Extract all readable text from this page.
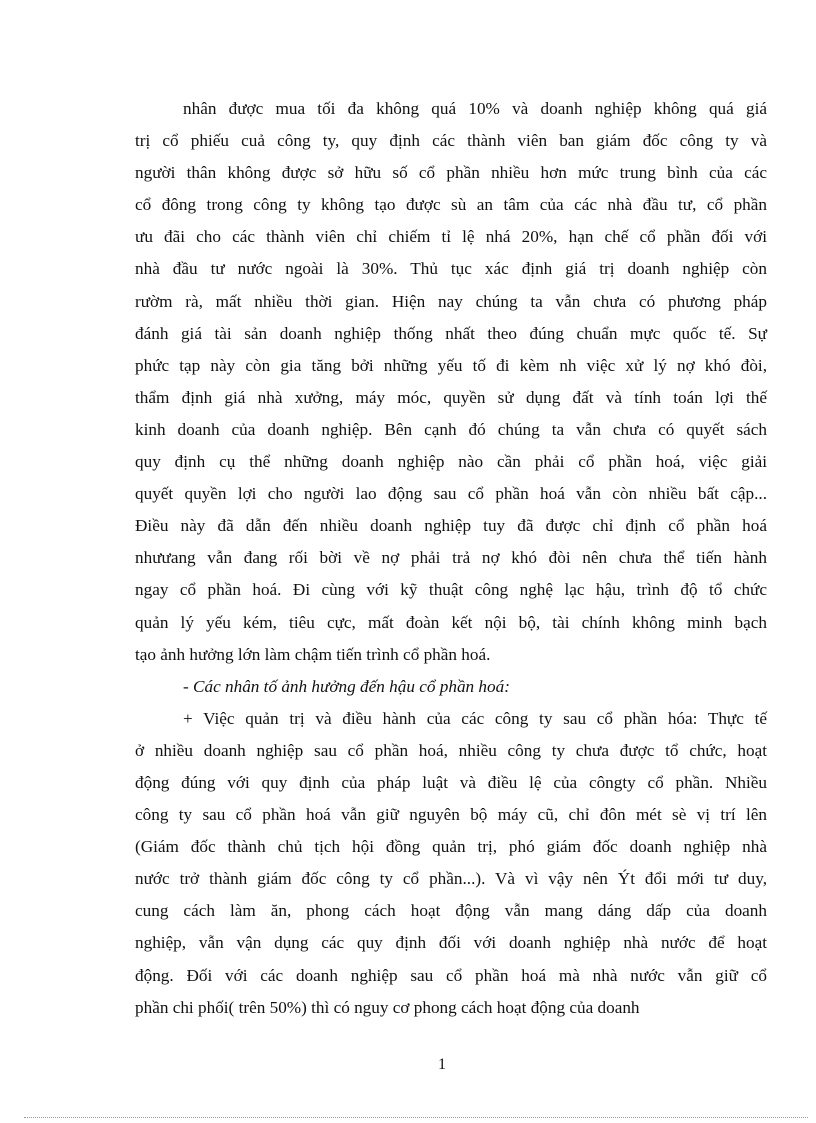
nhân được mua tối đa không quá 10% và doanh nghiệp không quá giá
trị cổ phiếu cuả công ty, quy định các thành viên ban giám đốc công ty và
người thân không được sở hữu số cổ phần nhiều hơn mức trung bình của các
cổ đông trong công ty không tạo được sù an tâm của các nhà đầu tư, cổ phần
ưu đãi cho các thành viên chỉ chiếm tỉ lệ nhá 20%, hạn chế cổ phần đối với
nhà đầu tư nước ngoài là 30%. Thủ tục xác định giá trị doanh nghiệp còn
rườm rà, mất nhiều thời gian. Hiện nay chúng ta vẫn chưa có phương pháp
đánh giá tài sản doanh nghiệp thống nhất theo đúng chuẩn mực quốc tế. Sự
phức tạp này còn gia tăng bởi những yếu tố đi kèm nh việc xử lý nợ khó đòi,
thẩm định giá nhà xưởng, máy móc, quyền sử dụng đất và tính toán lợi thế
kinh doanh của doanh nghiệp. Bên cạnh đó chúng ta vẫn chưa có quyết sách
quy định cụ thể những doanh nghiệp nào cần phải cổ phần hoá, việc giải
quyết quyền lợi cho người lao động sau cổ phần hoá vẫn còn nhiều bất cập...
Điều này đã dẫn đến nhiều doanh nghiệp tuy đã được chỉ định cổ phần hoá
nhưưang vẫn đang rối bời về nợ phải trả nợ khó đòi nên chưa thể tiến hành
ngay cổ phần hoá. Đi cùng với kỹ thuật công nghệ lạc hậu, trình độ tổ chức
quản lý yếu kém, tiêu cực, mất đoàn kết nội bộ, tài chính không minh bạch
tạo ảnh hưởng lớn làm chậm tiến trình cổ phần hoá.
- Các nhân tố ảnh hưởng đến hậu cổ phần hoá:
+ Việc quản trị và điều hành của các công ty sau cổ phần hóa: Thực tế
ở nhiều doanh nghiệp sau cổ phần hoá, nhiều công ty chưa được tổ chức, hoạt
động đúng với quy định của pháp luật và điều lệ của côngty cổ phần. Nhiều
công ty sau cổ phần hoá vẫn giữ nguyên bộ máy cũ, chỉ đôn mét sè vị trí lên
(Giám đốc thành chủ tịch hội đồng quản trị, phó giám đốc doanh nghiệp nhà
nước trở thành giám đốc công ty cổ phần...). Và vì vậy nên Ýt đổi mới tư duy,
cung cách làm ăn, phong cách hoạt động vẫn mang dáng dấp của doanh
nghiệp, vẫn vận dụng các quy định đối với doanh nghiệp nhà nước để hoạt
động. Đối với các doanh nghiệp sau cổ phần hoá mà nhà nước vẫn giữ cổ
phần chi phối( trên 50%) thì có nguy cơ phong cách hoạt động của doanh
1
